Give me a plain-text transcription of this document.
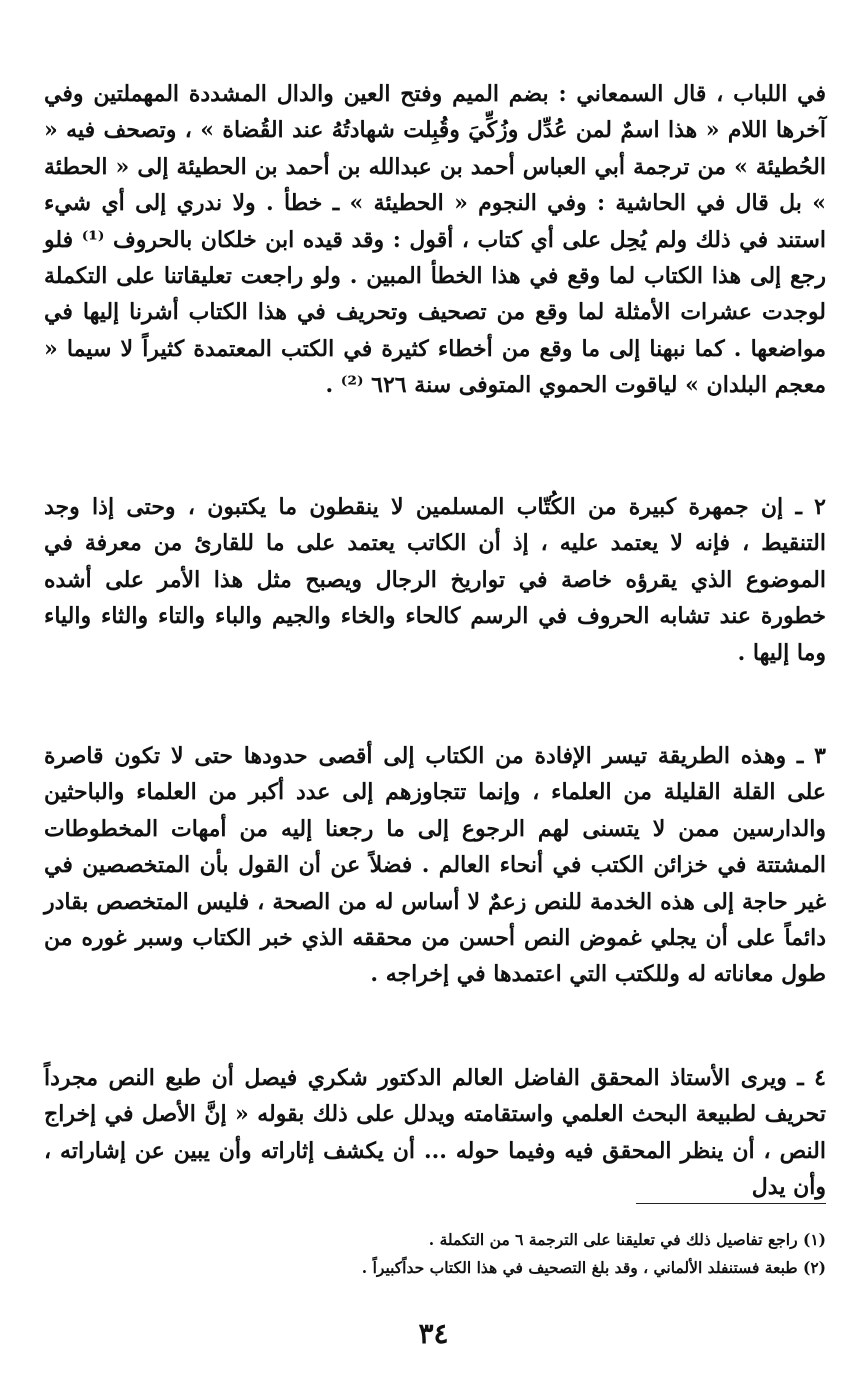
في اللباب ، قال السمعاني : بضم الميم وفتح العين والدال المشددة المهملتين وفي آخرها اللام « هذا اسمٌ لمن عُدِّل وزُكِّيَ وقُبِلت شهادتُهُ عند القُضاة » ، وتصحف فيه « الحُطيئة » من ترجمة أبي العباس أحمد بن عبدالله بن أحمد بن الحطيئة إلى « الحطئة » بل قال في الحاشية : وفي النجوم « الحطيئة » ـ خطأ . ولا ندري إلى أي شيء استند في ذلك ولم يُحِل على أي كتاب ، أقول : وقد قيده ابن خلكان بالحروف ⁽¹⁾ فلو رجع إلى هذا الكتاب لما وقع في هذا الخطأ المبين . ولو راجعت تعليقاتنا على التكملة لوجدت عشرات الأمثلة لما وقع من تصحيف وتحريف في هذا الكتاب أشرنا إليها في مواضعها . كما نبهنا إلى ما وقع من أخطاء كثيرة في الكتب المعتمدة كثيراً لا سيما « معجم البلدان » لياقوت الحموي المتوفى سنة ٦٢٦ ⁽²⁾ .

٢ ـ إن جمهرة كبيرة من الكُتّاب المسلمين لا ينقطون ما يكتبون ، وحتى إذا وجد التنقيط ، فإنه لا يعتمد عليه ، إذ أن الكاتب يعتمد على ما للقارئ من معرفة في الموضوع الذي يقرؤه خاصة في تواريخ الرجال ويصبح مثل هذا الأمر على أشده خطورة عند تشابه الحروف في الرسم كالحاء والخاء والجيم والباء والتاء والثاء والياء وما إليها .

٣ ـ وهذه الطريقة تيسر الإفادة من الكتاب إلى أقصى حدودها حتى لا تكون قاصرة على القلة القليلة من العلماء ، وإنما تتجاوزهم إلى عدد أكبر من العلماء والباحثين والدارسين ممن لا يتسنى لهم الرجوع إلى ما رجعنا إليه من أمهات المخطوطات المشتتة في خزائن الكتب في أنحاء العالم . فضلاً عن أن القول بأن المتخصصين في غير حاجة إلى هذه الخدمة للنص زعمٌ لا أساس له من الصحة ، فليس المتخصص بقادر دائماً على أن يجلي غموض النص أحسن من محققه الذي خبر الكتاب وسبر غوره من طول معاناته له وللكتب التي اعتمدها في إخراجه .

٤ ـ ويرى الأستاذ المحقق الفاضل العالم الدكتور شكري فيصل أن طبع النص مجرداً تحريف لطبيعة البحث العلمي واستقامته ويدلل على ذلك بقوله « إنَّ الأصل في إخراج النص ، أن ينظر المحقق فيه وفيما حوله ... أن يكشف إثاراته وأن يبين عن إشاراته ، وأن يدل

(١) راجع تفاصيل ذلك في تعليقنا على الترجمة ٦ من التكملة .

(٢) طبعة فستنفلد الألماني ، وقد بلغ التصحيف في هذا الكتاب حداًكبيراً .

٣٤
